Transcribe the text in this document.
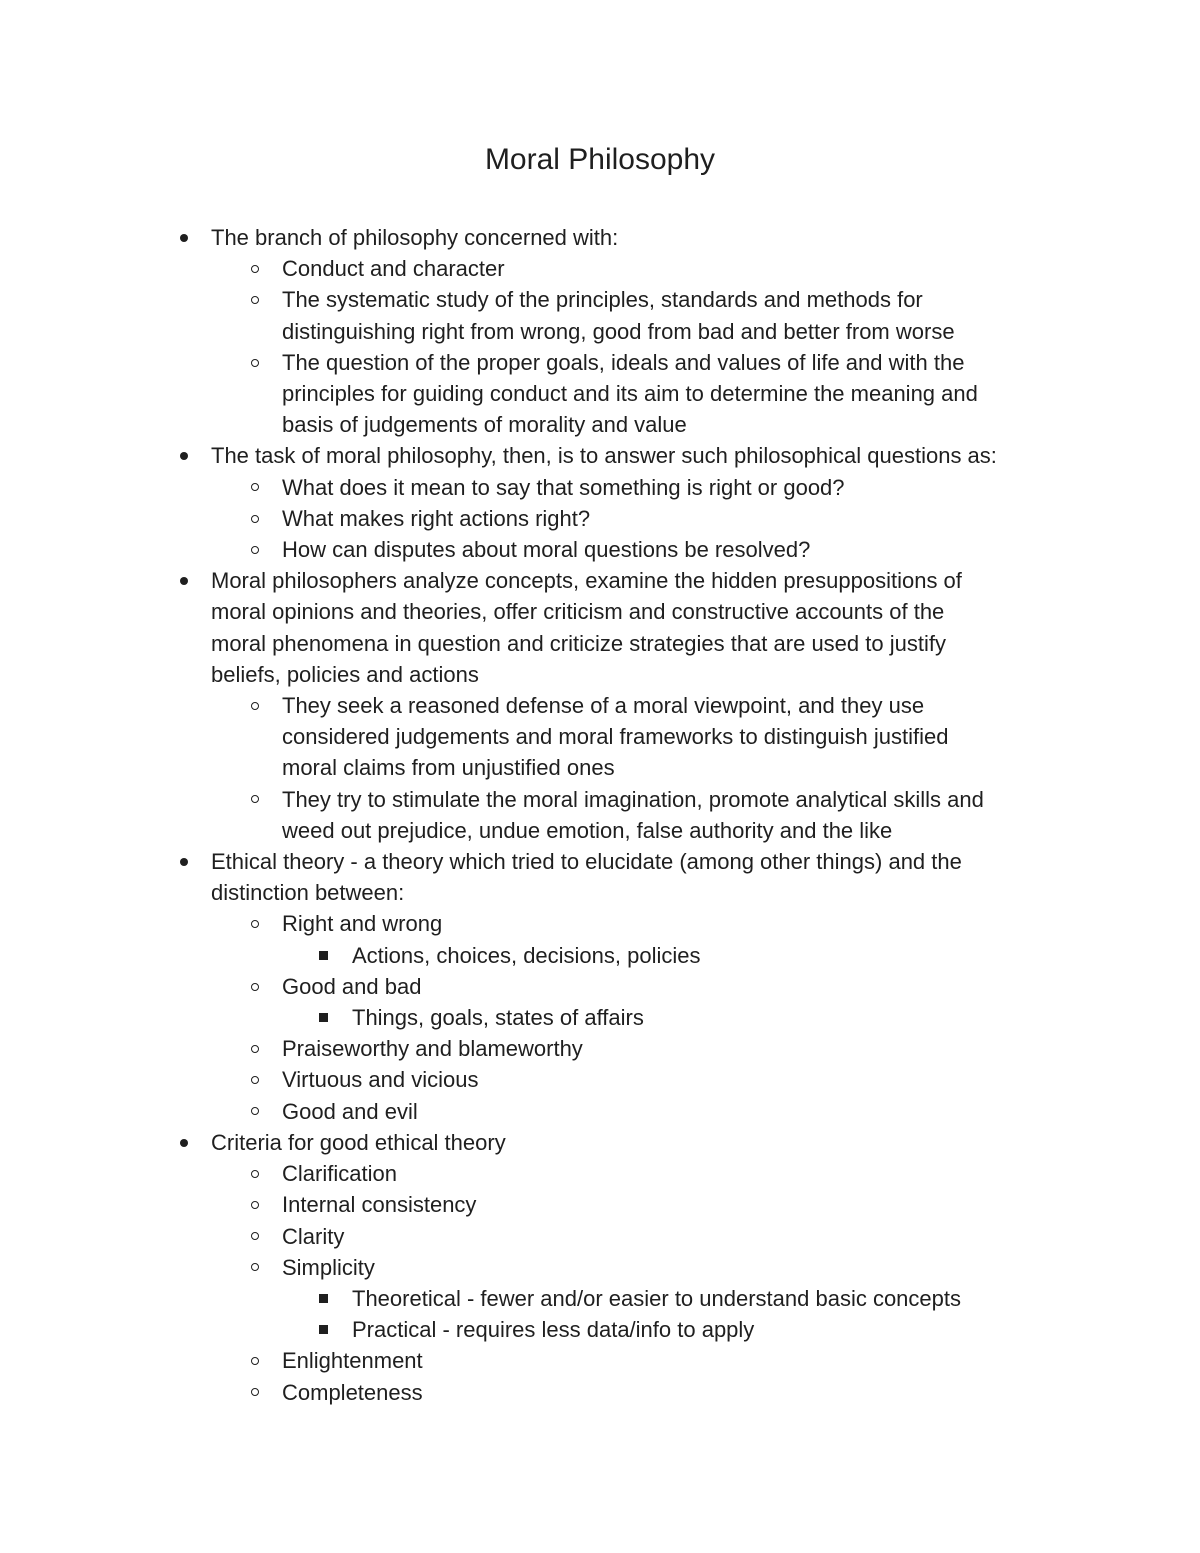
Moral Philosophy
The branch of philosophy concerned with:
Conduct and character
The systematic study of the principles, standards and methods for
distinguishing right from wrong, good from bad and better from worse
The question of the proper goals, ideals and values of life and with the
principles for guiding conduct and its aim to determine the meaning and
basis of judgements of morality and value
The task of moral philosophy, then, is to answer such philosophical questions as:
What does it mean to say that something is right or good?
What makes right actions right?
How can disputes about moral questions be resolved?
Moral philosophers analyze concepts, examine the hidden presuppositions of
moral opinions and theories, offer criticism and constructive accounts of the
moral phenomena in question and criticize strategies that are used to justify
beliefs, policies and actions
They seek a reasoned defense of a moral viewpoint, and they use
considered judgements and moral frameworks to distinguish justified
moral claims from unjustified ones
They try to stimulate the moral imagination, promote analytical skills and
weed out prejudice, undue emotion, false authority and the like
Ethical theory - a theory which tried to elucidate (among other things) and the
distinction between:
Right and wrong
Actions, choices, decisions, policies
Good and bad
Things, goals, states of affairs
Praiseworthy and blameworthy
Virtuous and vicious
Good and evil
Criteria for good ethical theory
Clarification
Internal consistency
Clarity
Simplicity
Theoretical - fewer and/or easier to understand basic concepts
Practical - requires less data/info to apply
Enlightenment
Completeness
